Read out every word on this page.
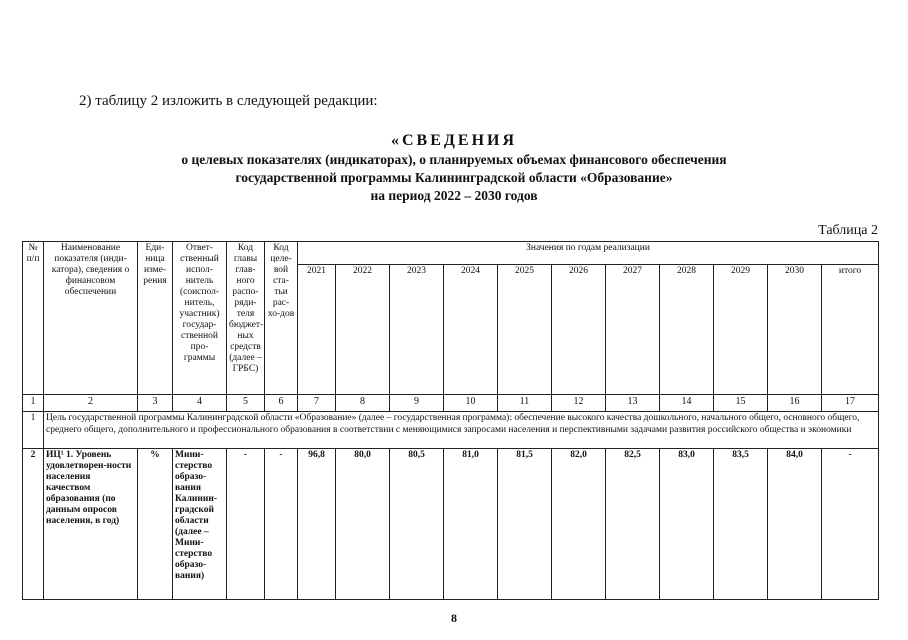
2) таблицу 2 изложить в следующей редакции:
«СВЕДЕНИЯ
о целевых показателях (индикаторах), о планируемых объемах финансового обеспечения
государственной программы Калининградской области «Образование»
на период 2022 – 2030 годов
Таблица 2
№ п/п	Наименование показателя (инди-катора), сведения о финансовом обеспечении	Еди-ница изме-рения	Ответ-ственный испол-нитель (соиспол-нитель, участник) государ-ственной про-граммы	Код главы глав-ного распо-ряди-теля бюджет-ных средств (далее – ГРБС)	Код целе-вой ста-тьи рас-хо-дов	Значения по годам реализации										
						2021	2022	2023	2024	2025	2026	2027	2028	2029	2030	итого
1	2	3	4	5	6	7	8	9	10	11	12	13	14	15	16	17
1	Цель государственной программы Калининградской области «Образование» (далее – государственная программа): обеспечение высокого качества дошкольного, начального общего, основного общего, среднего общего, дополнительного и профессионального образования в соответствии с меняющимися запросами населения и перспективными задачами развития российского общества и экономики															
2	ИЦ¹ 1. Уровень удовлетворен-ности населения качеством образования (по данным опросов населения, в год)	%	Мини-стерство образо-вания Калинин-градской области (далее – Мини-стерство образо-вания)	-	-	96,8	80,0	80,5	81,0	81,5	82,0	82,5	83,0	83,5	84,0	-
8
